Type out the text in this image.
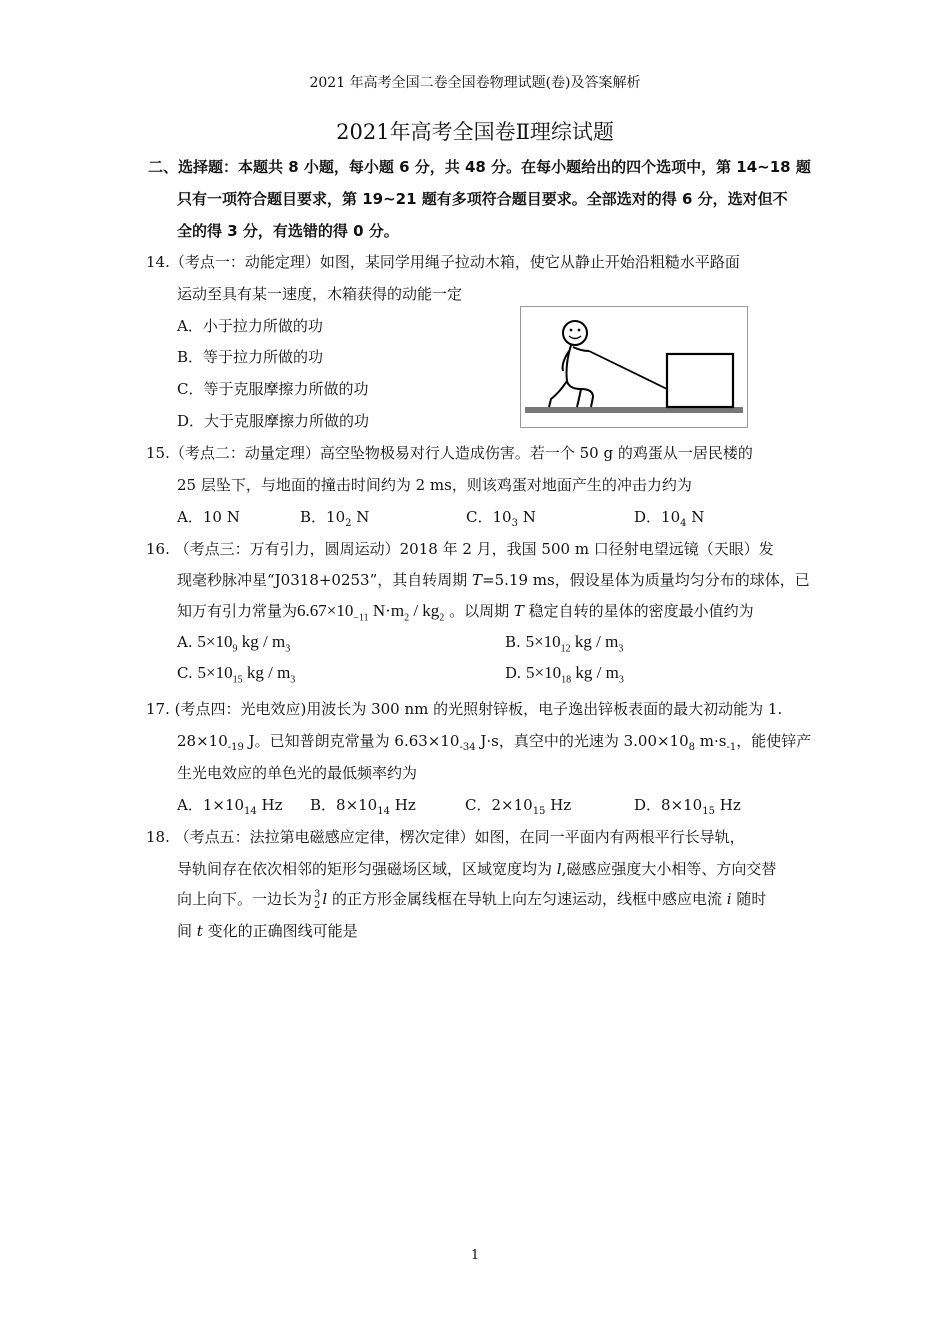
2021 年高考全国二卷全国卷物理试题(卷)及答案解析
2021年高考全国卷Ⅱ理综试题
二、选择题：本题共 8 小题，每小题 6 分，共 48 分。在每小题给出的四个选项中，第 14~18 题
只有一项符合题目要求，第 19~21 题有多项符合题目要求。全部选对的得 6 分，选对但不
全的得 3 分，有选错的得 0 分。
14.（考点一：动能定理）如图，某同学用绳子拉动木箱，使它从静止开始沿粗糙水平路面
运动至具有某一速度，木箱获得的动能一定
A．小于拉力所做的功
B．等于拉力所做的功
C．等于克服摩擦力所做的功
D．大于克服摩擦力所做的功
15.（考点二：动量定理）高空坠物极易对行人造成伤害。若一个 50 g 的鸡蛋从一居民楼的
25 层坠下，与地面的撞击时间约为 2 ms，则该鸡蛋对地面产生的冲击力约为
A．10 N	B．$10_2$ N	C．$10_3$ N	D．$10_4$ N
16. （考点三：万有引力，圆周运动）2018 年 2 月，我国 500 m 口径射电望远镜（天眼）发
现毫秒脉冲星“J0318+0253”，其自转周期 T=5.19 ms，假设星体为质量均匀分布的球体，已
知万有引力常量为$6.67\times 10_{-11}$ $N\cdot m_2 / kg_2$ 。以周期 T 稳定自转的星体的密度最小值约为
A. $5\times 10_9$ kg / $m_3$	B. $5\times 10_{12}$ kg / $m_3$
C. $5\times 10_{15}$ kg / $m_3$	D. $5\times 10_{18}$ kg / $m_3$
17. (考点四：光电效应)用波长为 300 nm 的光照射锌板，电子逸出锌板表面的最大初动能为 1.
$28\times 10_{-19}$ J。已知普朗克常量为 $6.63\times 10_{-34}$ J·s，真空中的光速为 $3.00\times 10_8$ $m\cdot s_{-1}$，能使锌产
生光电效应的单色光的最低频率约为
A．$1\times 10_{14}$ Hz B．$8\times 10_{14}$ Hz	C．$2\times 10_{15}$ Hz	D．$8\times 10_{15}$ Hz
18. （考点五：法拉第电磁感应定律，楞次定律）如图，在同一平面内有两根平行长导轨，
导轨间存在依次相邻的矩形匀强磁场区域，区域宽度均为 l,磁感应强度大小相等、方向交替
向上向下。一边长为 3
2 l 的正方形金属线框在导轨上向左匀速运动，线框中感应电流 i 随时
间 t 变化的正确图线可能是
1
